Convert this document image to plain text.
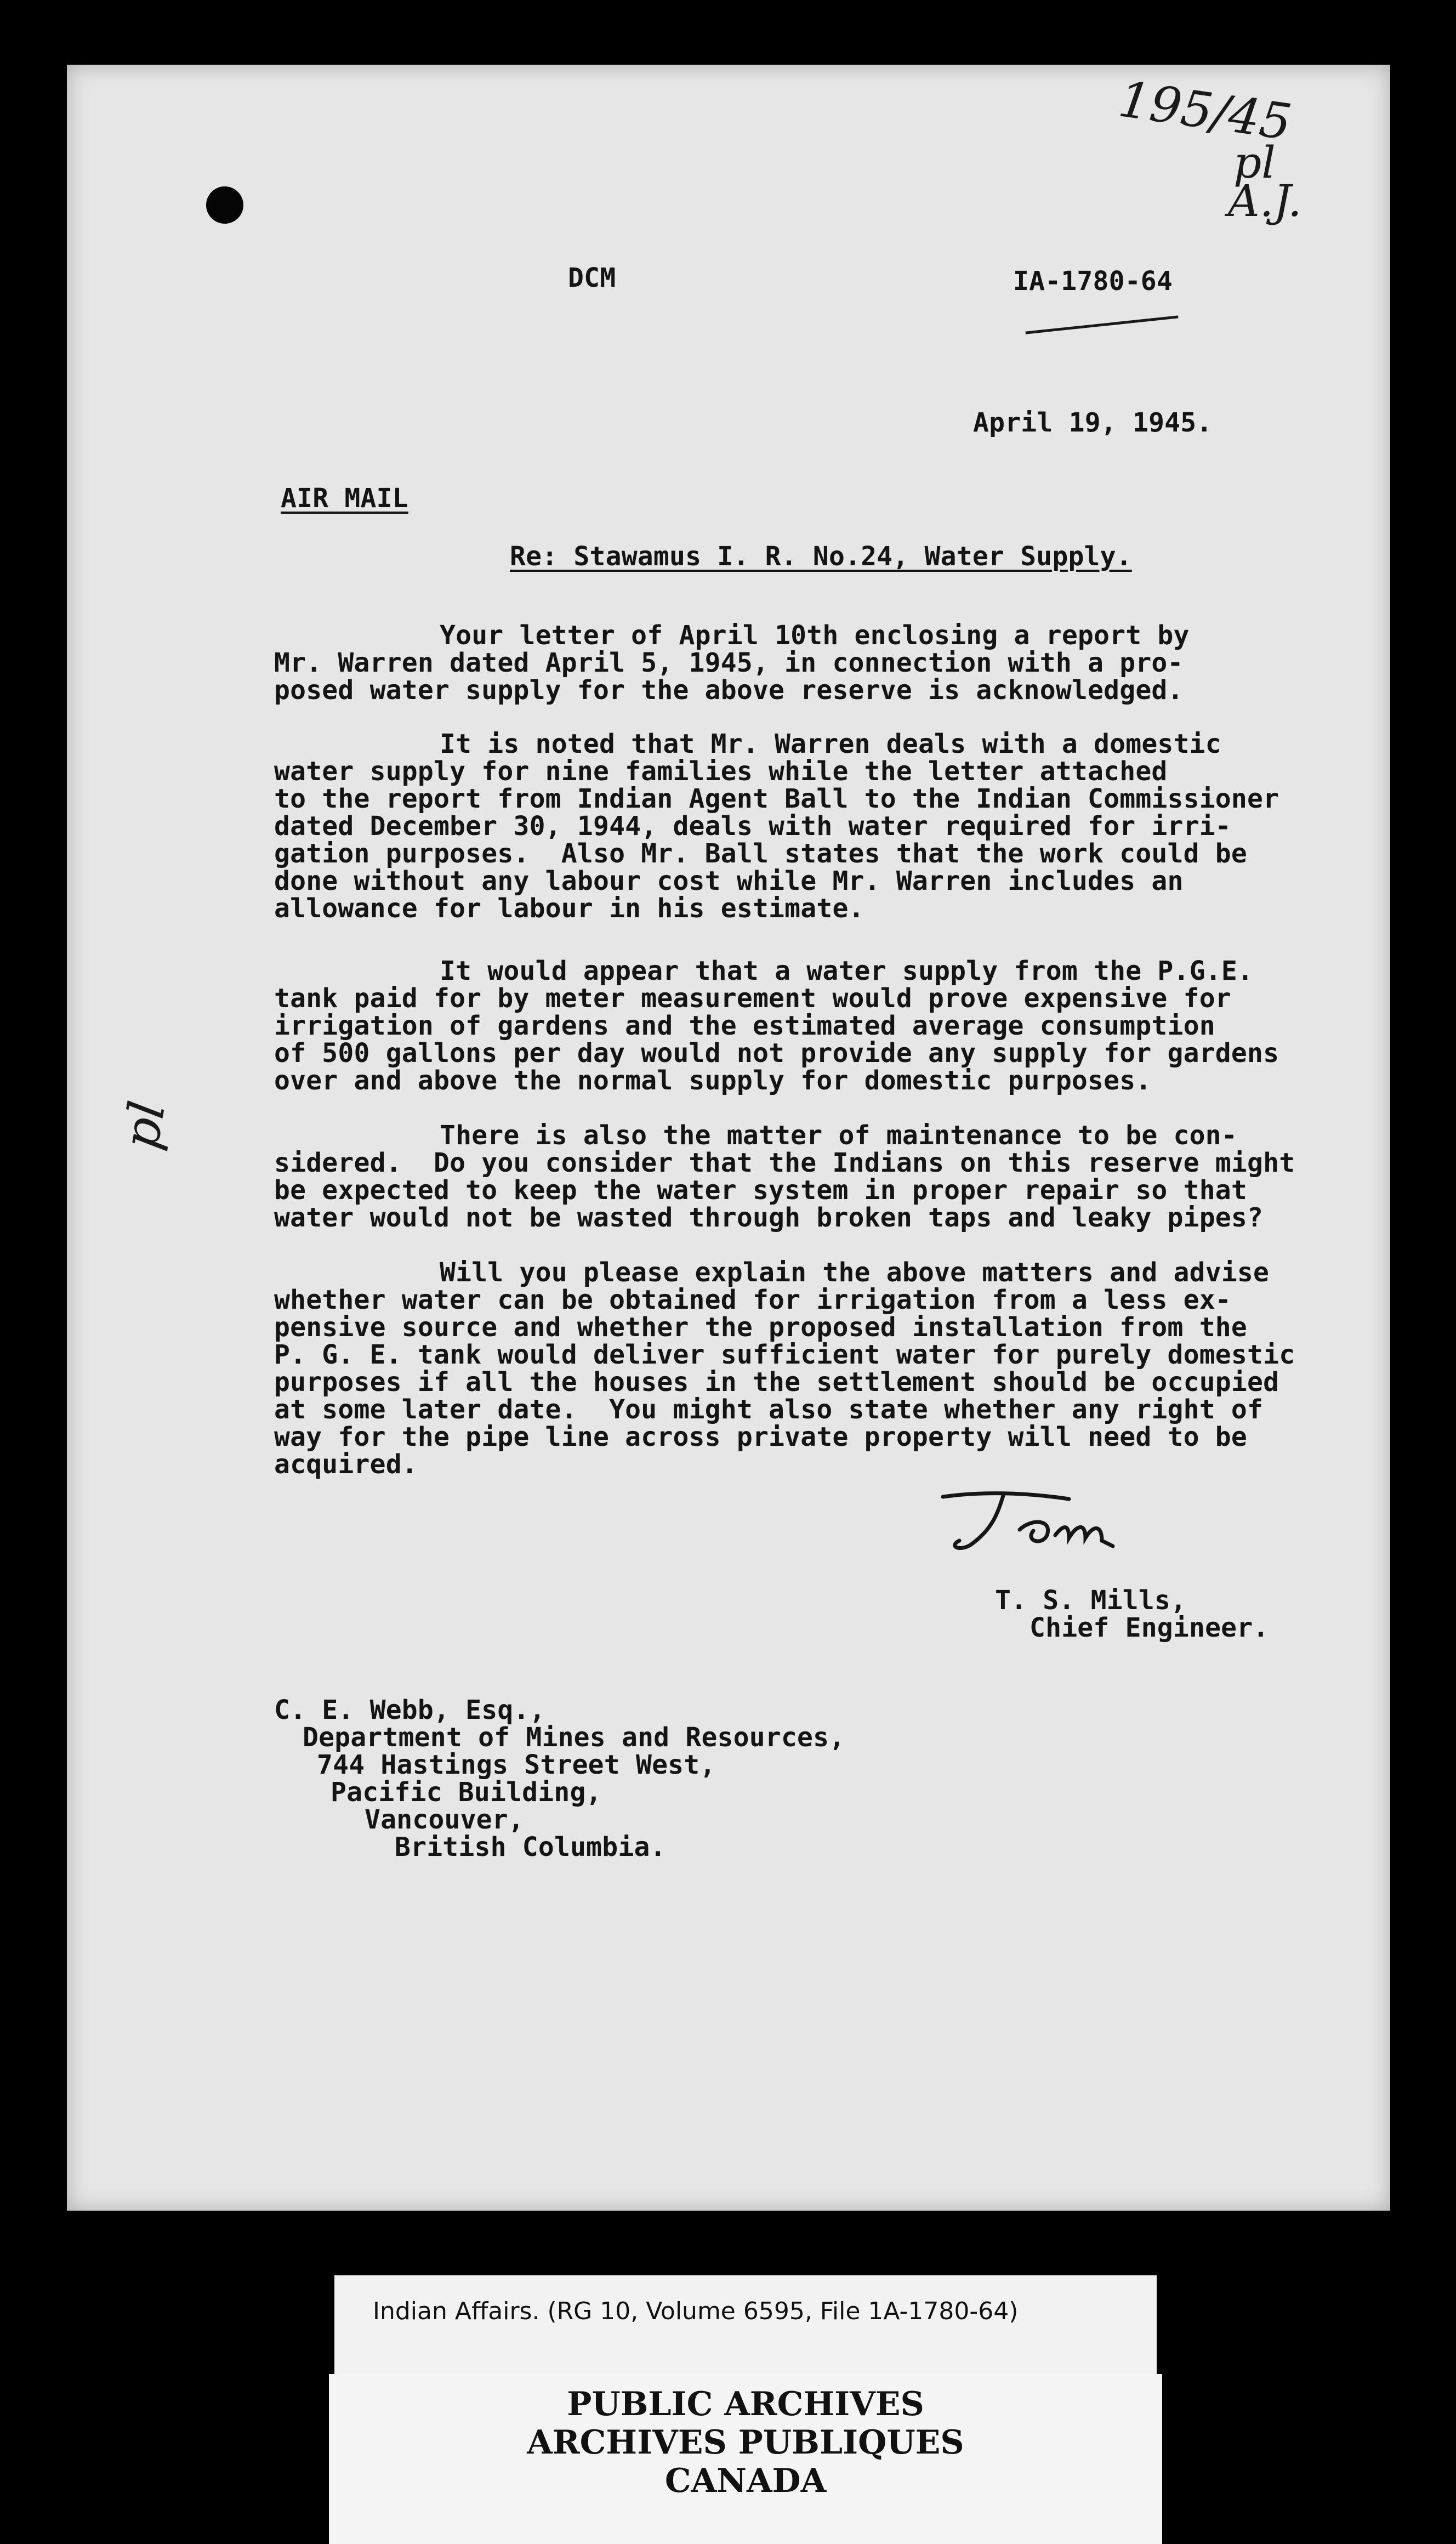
195/45
pl
A.J.
pl
DCM	IA-1780-64
April 19, 1945.
AIR MAIL
Re: Stawamus I. R. No.24, Water Supply.

Your letter of April 10th enclosing a report by
Mr. Warren dated April 5, 1945, in connection with a pro-
posed water supply for the above reserve is acknowledged.

It is noted that Mr. Warren deals with a domestic
water supply for nine families while the letter attached
to the report from Indian Agent Ball to the Indian Commissioner
dated December 30, 1944, deals with water required for irri-
gation purposes.  Also Mr. Ball states that the work could be
done without any labour cost while Mr. Warren includes an
allowance for labour in his estimate.

It would appear that a water supply from the P.G.E.
tank paid for by meter measurement would prove expensive for
irrigation of gardens and the estimated average consumption
of 500 gallons per day would not provide any supply for gardens
over and above the normal supply for domestic purposes.

There is also the matter of maintenance to be con-
sidered.  Do you consider that the Indians on this reserve might
be expected to keep the water system in proper repair so that
water would not be wasted through broken taps and leaky pipes?

Will you please explain the above matters and advise
whether water can be obtained for irrigation from a less ex-
pensive source and whether the proposed installation from the
P. G. E. tank would deliver sufficient water for purely domestic
purposes if all the houses in the settlement should be occupied
at some later date.  You might also state whether any right of
way for the pipe line across private property will need to be
acquired.
T. S. Mills,
Chief Engineer.
C. E. Webb, Esq.,
Department of Mines and Resources,
744 Hastings Street West,
Pacific Building,
Vancouver,
British Columbia.
Indian Affairs. (RG 10, Volume 6595, File 1A-1780-64)
PUBLIC ARCHIVES
ARCHIVES PUBLIQUES
CANADA
